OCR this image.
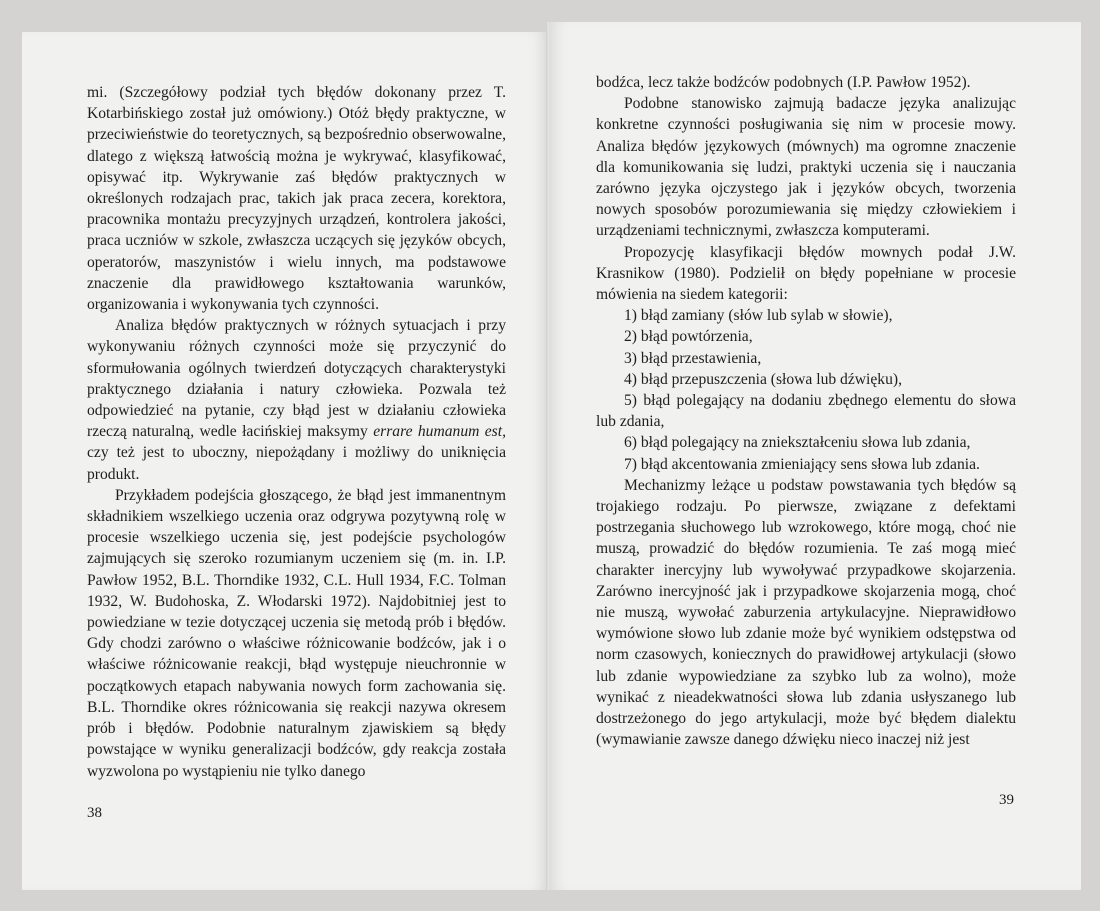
mi. (Szczegółowy podział tych błędów dokonany przez T. Kotarbińskiego został już omówiony.) Otóż błędy praktyczne, w przeciwieństwie do teoretycznych, są bezpośrednio obserwowalne, dlatego z większą łatwością można je wykrywać, klasyfikować, opisywać itp. Wykrywanie zaś błędów praktycznych w określonych rodzajach prac, takich jak praca zecera, korektora, pracownika montażu precyzyjnych urządzeń, kontrolera jakości, praca uczniów w szkole, zwłaszcza uczących się języków obcych, operatorów, maszynistów i wielu innych, ma podstawowe znaczenie dla prawidłowego kształtowania warunków, organizowania i wykonywania tych czynności.

Analiza błędów praktycznych w różnych sytuacjach i przy wykonywaniu różnych czynności może się przyczynić do sformułowania ogólnych twierdzeń dotyczących charakterystyki praktycznego działania i natury człowieka. Pozwala też odpowiedzieć na pytanie, czy błąd jest w działaniu człowieka rzeczą naturalną, wedle łacińskiej maksymy errare humanum est, czy też jest to uboczny, niepożądany i możliwy do uniknięcia produkt.

Przykładem podejścia głoszącego, że błąd jest immanentnym składnikiem wszelkiego uczenia oraz odgrywa pozytywną rolę w procesie wszelkiego uczenia się, jest podejście psychologów zajmujących się szeroko rozumianym uczeniem się (m. in. I.P. Pawłow 1952, B.L. Thorndike 1932, C.L. Hull 1934, F.C. Tolman 1932, W. Budohoska, Z. Włodarski 1972). Najdobitniej jest to powiedziane w tezie dotyczącej uczenia się metodą prób i błędów. Gdy chodzi zarówno o właściwe różnicowanie bodźców, jak i o właściwe różnicowanie reakcji, błąd występuje nieuchronnie w początkowych etapach nabywania nowych form zachowania się. B.L. Thorndike okres różnicowania się reakcji nazywa okresem prób i błędów. Podobnie naturalnym zjawiskiem są błędy powstające w wyniku generalizacji bodźców, gdy reakcja została wyzwolona po wystąpieniu nie tylko danego

38

bodźca, lecz także bodźców podobnych (I.P. Pawłow 1952).

Podobne stanowisko zajmują badacze języka analizując konkretne czynności posługiwania się nim w procesie mowy. Analiza błędów językowych (mównych) ma ogromne znaczenie dla komunikowania się ludzi, praktyki uczenia się i nauczania zarówno języka ojczystego jak i języków obcych, tworzenia nowych sposobów porozumiewania się między człowiekiem i urządzeniami technicznymi, zwłaszcza komputerami.

Propozycję klasyfikacji błędów mownych podał J.W. Krasnikow (1980). Podzielił on błędy popełniane w procesie mówienia na siedem kategorii:

1) błąd zamiany (słów lub sylab w słowie),

2) błąd powtórzenia,

3) błąd przestawienia,

4) błąd przepuszczenia (słowa lub dźwięku),

5) błąd polegający na dodaniu zbędnego elementu do słowa lub zdania,

6) błąd polegający na zniekształceniu słowa lub zdania,

7) błąd akcentowania zmieniający sens słowa lub zdania.

Mechanizmy leżące u podstaw powstawania tych błędów są trojakiego rodzaju. Po pierwsze, związane z defektami postrzegania słuchowego lub wzrokowego, które mogą, choć nie muszą, prowadzić do błędów rozumienia. Te zaś mogą mieć charakter inercyjny lub wywoływać przypadkowe skojarzenia. Zarówno inercyjność jak i przypadkowe skojarzenia mogą, choć nie muszą, wywołać zaburzenia artykulacyjne. Nieprawidłowo wymówione słowo lub zdanie może być wynikiem odstępstwa od norm czasowych, koniecznych do prawidłowej artykulacji (słowo lub zdanie wypowiedziane za szybko lub za wolno), może wynikać z nieadekwatności słowa lub zdania usłyszanego lub dostrzeżonego do jego artykulacji, może być błędem dialektu (wymawianie zawsze danego dźwięku nieco inaczej niż jest

39
